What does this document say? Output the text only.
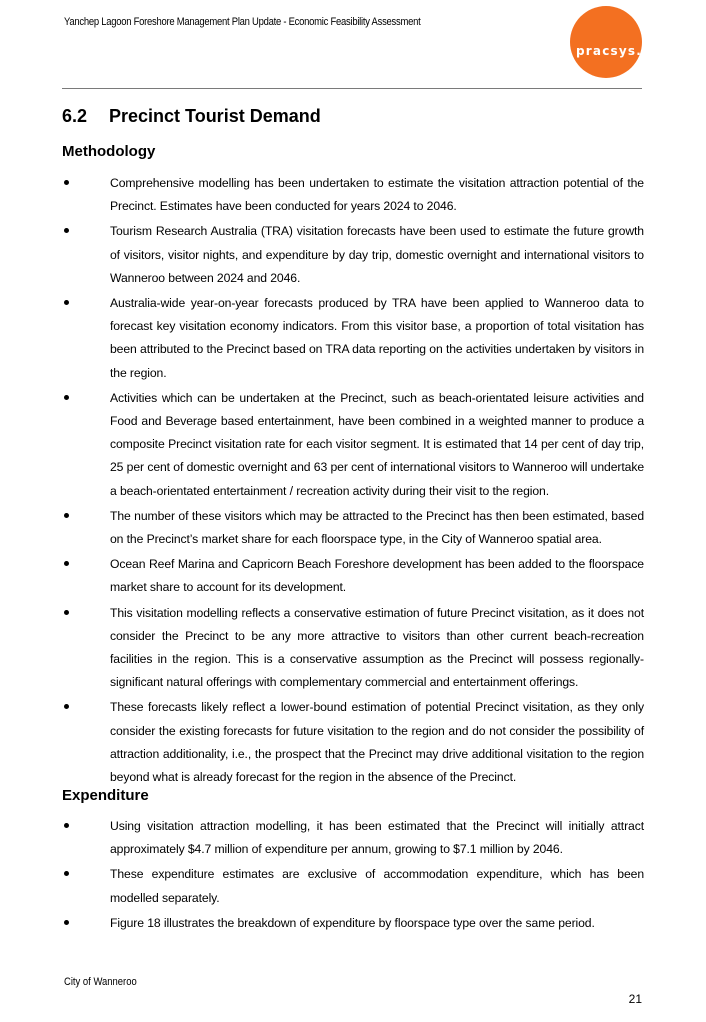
Yanchep Lagoon Foreshore Management Plan Update - Economic Feasibility Assessment
pracsys.
6.2	Precinct Tourist Demand
Methodology
Comprehensive modelling has been undertaken to estimate the visitation attraction potential of the Precinct. Estimates have been conducted for years 2024 to 2046.
Tourism Research Australia (TRA) visitation forecasts have been used to estimate the future growth of visitors, visitor nights, and expenditure by day trip, domestic overnight and international visitors to Wanneroo between 2024 and 2046.
Australia-wide year-on-year forecasts produced by TRA have been applied to Wanneroo data to forecast key visitation economy indicators. From this visitor base, a proportion of total visitation has been attributed to the Precinct based on TRA data reporting on the activities undertaken by visitors in the region.
Activities which can be undertaken at the Precinct, such as beach-orientated leisure activities and Food and Beverage based entertainment, have been combined in a weighted manner to produce a composite Precinct visitation rate for each visitor segment. It is estimated that 14 per cent of day trip, 25 per cent of domestic overnight and 63 per cent of international visitors to Wanneroo will undertake a beach-orientated entertainment / recreation activity during their visit to the region.
The number of these visitors which may be attracted to the Precinct has then been estimated, based on the Precinct’s market share for each floorspace type, in the City of Wanneroo spatial area.
Ocean Reef Marina and Capricorn Beach Foreshore development has been added to the floorspace market share to account for its development.
This visitation modelling reflects a conservative estimation of future Precinct visitation, as it does not consider the Precinct to be any more attractive to visitors than other current beach-recreation facilities in the region. This is a conservative assumption as the Precinct will possess regionally-significant natural offerings with complementary commercial and entertainment offerings.
These forecasts likely reflect a lower-bound estimation of potential Precinct visitation, as they only consider the existing forecasts for future visitation to the region and do not consider the possibility of attraction additionality, i.e., the prospect that the Precinct may drive additional visitation to the region beyond what is already forecast for the region in the absence of the Precinct.
Expenditure
Using visitation attraction modelling, it has been estimated that the Precinct will initially attract approximately $4.7 million of expenditure per annum, growing to $7.1 million by 2046.
These expenditure estimates are exclusive of accommodation expenditure, which has been modelled separately.
Figure 18 illustrates the breakdown of expenditure by floorspace type over the same period.
City of Wanneroo
21
